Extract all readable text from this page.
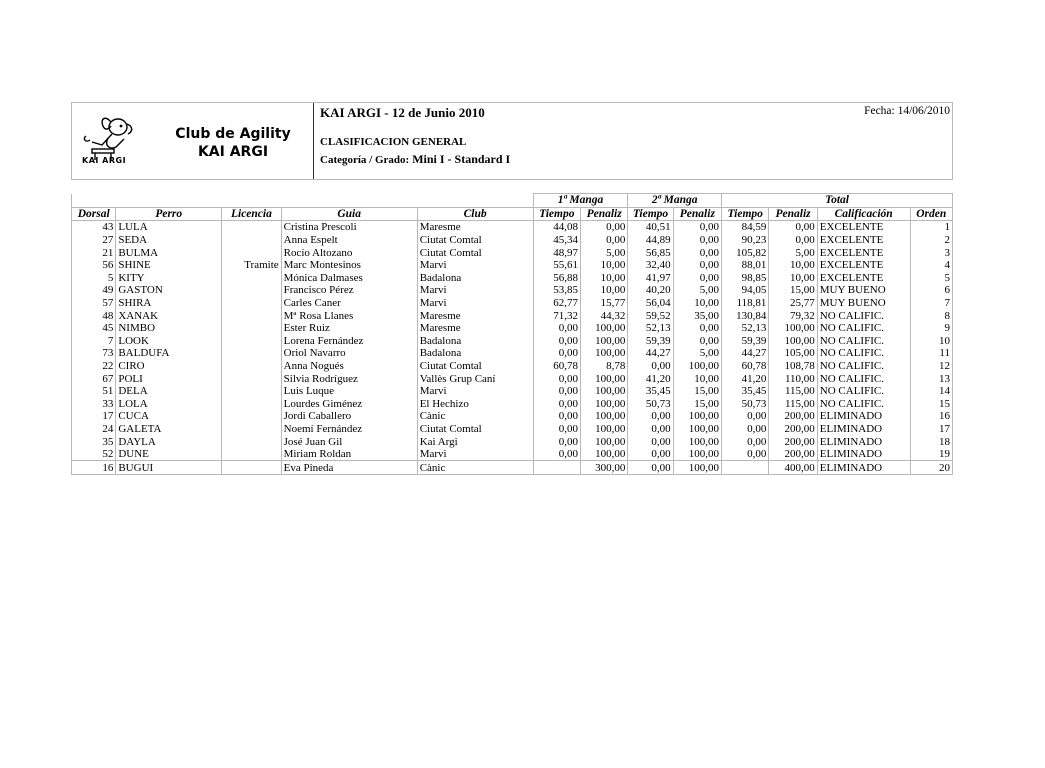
KAI ARGI
Club de Agility
KAI ARGI
KAI ARGI - 12 de Junio 2010	Fecha: 14/06/2010
CLASIFICACION GENERAL
Categoría / Grado: Mini I - Standard I
					1ª Manga		2ª Manga		Total			
Dorsal	Perro	Licencia	Guia	Club	Tiempo	Penaliz	Tiempo	Penaliz	Tiempo	Penaliz	Calificación	Orden
43	LULA		Cristina Prescoli	Maresme	44,08	0,00	40,51	0,00	84,59	0,00	EXCELENTE	1
27	SEDA		Anna Espelt	Ciutat Comtal	45,34	0,00	44,89	0,00	90,23	0,00	EXCELENTE	2
21	BULMA		Rocío Altozano	Ciutat Comtal	48,97	5,00	56,85	0,00	105,82	5,00	EXCELENTE	3
56	SHINE	Tramite	Marc Montesinos	Marvi	55,61	10,00	32,40	0,00	88,01	10,00	EXCELENTE	4
5	KITY		Mónica Dalmases	Badalona	56,88	10,00	41,97	0,00	98,85	10,00	EXCELENTE	5
49	GASTON		Francisco Pérez	Marvi	53,85	10,00	40,20	5,00	94,05	15,00	MUY BUENO	6
57	SHIRA		Carles Caner	Marvi	62,77	15,77	56,04	10,00	118,81	25,77	MUY BUENO	7
48	XANAK		Mª Rosa Llanes	Maresme	71,32	44,32	59,52	35,00	130,84	79,32	NO CALIFIC.	8
45	NIMBO		Ester Ruiz	Maresme	0,00	100,00	52,13	0,00	52,13	100,00	NO CALIFIC.	9
7	LOOK		Lorena Fernández	Badalona	0,00	100,00	59,39	0,00	59,39	100,00	NO CALIFIC.	10
73	BALDUFA		Oriol Navarro	Badalona	0,00	100,00	44,27	5,00	44,27	105,00	NO CALIFIC.	11
22	CIRO		Anna Nogués	Ciutat Comtal	60,78	8,78	0,00	100,00	60,78	108,78	NO CALIFIC.	12
67	POLI		Silvia Rodríguez	Vallès Grup Caní	0,00	100,00	41,20	10,00	41,20	110,00	NO CALIFIC.	13
51	DELA		Luis Luque	Marvi	0,00	100,00	35,45	15,00	35,45	115,00	NO CALIFIC.	14
33	LOLA		Lourdes Giménez	El Hechizo	0,00	100,00	50,73	15,00	50,73	115,00	NO CALIFIC.	15
17	CUCA		Jordi Caballero	Cànic	0,00	100,00	0,00	100,00	0,00	200,00	ELIMINADO	16
24	GALETA		Noemí Fernández	Ciutat Comtal	0,00	100,00	0,00	100,00	0,00	200,00	ELIMINADO	17
35	DAYLA		José Juan Gil	Kai Argi	0,00	100,00	0,00	100,00	0,00	200,00	ELIMINADO	18
52	DUNE		Miriam Roldan	Marvi	0,00	100,00	0,00	100,00	0,00	200,00	ELIMINADO	19
16	BUGUI		Eva Pineda	Cànic		300,00	0,00	100,00		400,00	ELIMINADO	20
